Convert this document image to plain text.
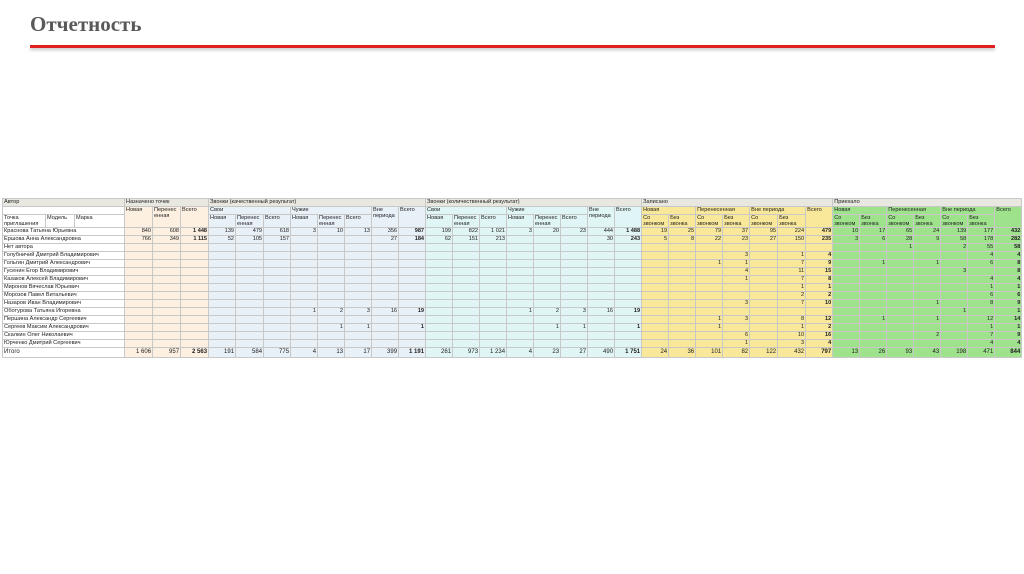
Отчетность
Автор			Назначено точек			Звонки (качественный результат)								Звонки (количественный результат)								Записано							Приехало						
			Новая	Перенес енная	Всего	Свои			Чужие			Вне периода	Всего	Свои			Чужие			Вне периода	Всего	Новая		Перенесенная		Вне периода		Всего	Новая		Перенесенная		Вне периода		Всего
						Новая	Перенес енная	Всего	Новая	Перенес енная	Всего			Новая	Перенес енная	Всего	Новая	Перенес енная	Всего			Со звонком	Без звонка	Со звонком	Без звонка	Со звонком	Без звонка		Со звонком	Без звонка	Со звонком	Без звонка	Со звонком	Без звонка	
Точка приглашения	Модель	Марка																																	
Краснова Татьяна Юрьевна			840	608	1 448	139	479	618	3	10	13	356	987	199	822	1 021	3	20	23	444	1 488	19	25	79	37	95	224	479	10	17	65	24	139	177	432
Ершова Анна Александровна			766	349	1 115	52	105	157				27	184	62	151	213				30	243	5	8	22	23	27	150	235	3	6	28	9	58	178	282
Нет автора																															1		2	55	58
Голубничий Дмитрий Владимирович																									3		1	4						4	4
Гольгин Дмитрий Александрович																								1	1		7	9		1		1		6	8
Гусенин Егор Владимирович																									4		11	15					3		8
Казаков Алексей Владимирович																									1		7	8						4	4
Миронов Вячеслав Юрьевич																											1	1						1	1
Морозов Павел Витальевич																											2	2						6	6
Назаров Иван Владимирович																									3		7	10				1		8	9
Оботурова Татьяна Игоревна									1	2	3	16	19				1	2	3	16	19												1		1
Першина Александр Сергеевич																								1	3		8	12		1		1		12	14
Сергеев Максим Александрович										1	1		1					1	1		1			1			1	2						1	1
Скалкин Олег Николаевич																									6		10	16				2		7	9
Юрченко Дмитрий Сергеевич																									1		3	4						4	4
Итого			1 606	957	2 563	191	584	775	4	13	17	399	1 191	261	973	1 234	4	23	27	490	1 751	24	36	101	82	122	432	797	13	26	93	43	198	471	844
